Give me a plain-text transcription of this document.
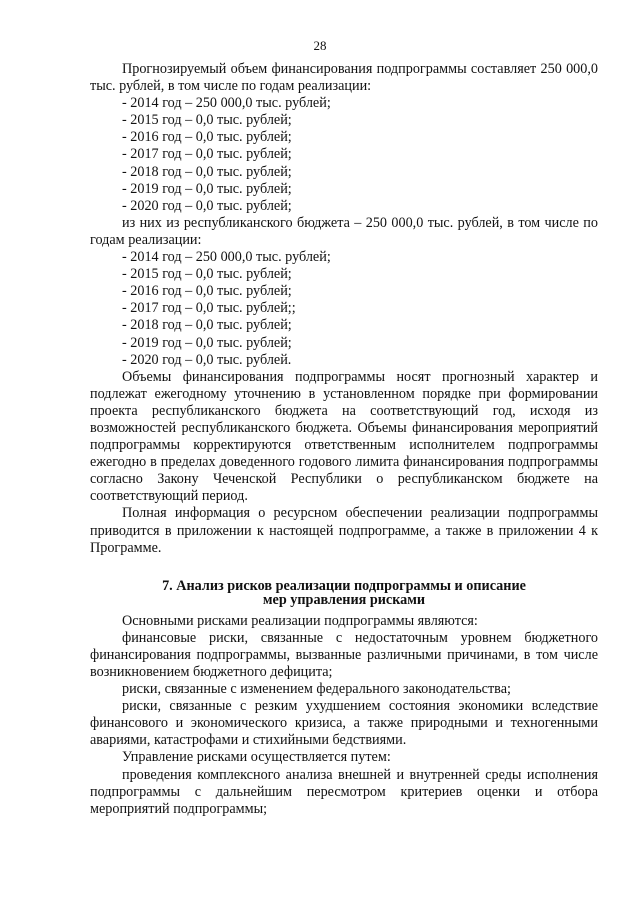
28

Прогнозируемый объем финансирования подпрограммы составляет 250 000,0 тыс. рублей, в том числе по годам реализации:

- 2014 год – 250 000,0 тыс. рублей;

- 2015 год – 0,0 тыс. рублей;

- 2016 год – 0,0 тыс. рублей;

- 2017 год – 0,0 тыс. рублей;

- 2018 год – 0,0 тыс. рублей;

- 2019 год – 0,0 тыс. рублей;

- 2020 год – 0,0 тыс. рублей;

из них из республиканского бюджета – 250 000,0 тыс. рублей, в том числе по годам реализации:

- 2014 год – 250 000,0 тыс. рублей;

- 2015 год – 0,0 тыс. рублей;

- 2016 год – 0,0 тыс. рублей;

- 2017 год – 0,0 тыс. рублей;;

- 2018 год – 0,0 тыс. рублей;

- 2019 год – 0,0 тыс. рублей;

- 2020 год – 0,0 тыс. рублей.

Объемы финансирования подпрограммы носят прогнозный характер и подлежат ежегодному уточнению в установленном порядке при формировании проекта республиканского бюджета на соответствующий год, исходя из возможностей республиканского бюджета. Объемы финансирования мероприятий подпрограммы корректируются ответственным исполнителем подпрограммы ежегодно в пределах доведенного годового лимита финансирования подпрограммы согласно Закону Чеченской Республики о республиканском бюджете на соответствующий период.

Полная информация о ресурсном обеспечении реализации подпрограммы приводится в приложении к настоящей подпрограмме, а также в приложении 4 к Программе.

7. Анализ рисков реализации подпрограммы и описание
мер управления рисками

Основными рисками реализации подпрограммы являются:

финансовые риски, связанные с недостаточным уровнем бюджетного финансирования подпрограммы, вызванные различными причинами, в том числе возникновением бюджетного дефицита;

риски, связанные с изменением федерального законодательства;

риски, связанные с резким ухудшением состояния экономики вследствие финансового и экономического кризиса, а также природными и техногенными авариями, катастрофами и стихийными бедствиями.

Управление рисками осуществляется путем:

проведения комплексного анализа внешней и внутренней среды исполнения подпрограммы с дальнейшим пересмотром критериев оценки и отбора мероприятий подпрограммы;
